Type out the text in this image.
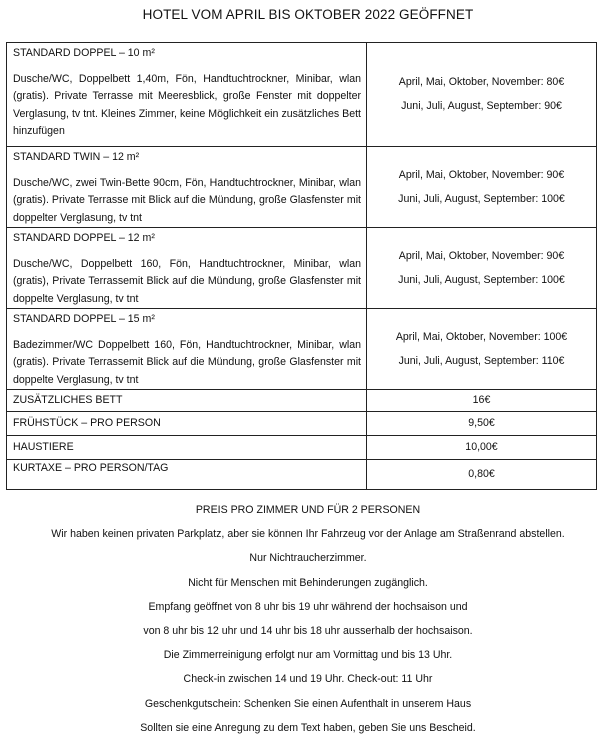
HOTEL VOM APRIL BIS OKTOBER 2022 GEÖFFNET
STANDARD DOPPEL – 10 m²
Dusche/WC, Doppelbett 1,40m, Fön, Handtuchtrockner, Minibar, wlan (gratis). Private Terrasse mit Meeresblick, große Fenster mit doppelter Verglasung, tv tnt. Kleines Zimmer, keine Möglichkeit ein zusätzliches Bett hinzufügen	April, Mai, Oktober, November: 80€
Juni, Juli, August, September: 90€

STANDARD TWIN – 12 m²
Dusche/WC, zwei Twin-Bette 90cm, Fön, Handtuchtrockner, Minibar, wlan (gratis). Private Terrasse mit Blick auf die Mündung, große Glasfenster mit doppelter Verglasung, tv tnt	April, Mai, Oktober, November: 90€
Juni, Juli, August, September: 100€

STANDARD DOPPEL – 12 m²
Dusche/WC, Doppelbett 160, Fön, Handtuchtrockner, Minibar, wlan (gratis), Private Terrassemit Blick auf die Mündung, große Glasfenster mit doppelte Verglasung, tv tnt	April, Mai, Oktober, November: 90€
Juni, Juli, August, September: 100€

STANDARD DOPPEL – 15 m²
Badezimmer/WC Doppelbett 160, Fön, Handtuchtrockner, Minibar, wlan (gratis). Private Terrassemit Blick auf die Mündung, große Glasfenster mit doppelte Verglasung, tv tnt	April, Mai, Oktober, November: 100€
Juni, Juli, August, September: 110€

ZUSÄTZLICHES BETT	16€
FRÜHSTÜCK – PRO PERSON	9,50€
HAUSTIERE	10,00€
KURTAXE – PRO PERSON/TAG	0,80€
PREIS PRO ZIMMER UND FÜR 2 PERSONEN
Wir haben keinen privaten Parkplatz, aber sie können Ihr Fahrzeug vor der Anlage am Straßenrand abstellen.
Nur Nichtraucherzimmer.
Nicht für Menschen mit Behinderungen zugänglich.
Empfang geöffnet von 8 uhr bis 19 uhr während der hochsaison und
von 8 uhr bis 12 uhr und 14 uhr bis 18 uhr ausserhalb der hochsaison.
Die Zimmerreinigung erfolgt nur am Vormittag und bis 13 Uhr.
Check-in zwischen 14 und 19 Uhr. Check-out: 11 Uhr
Geschenkgutschein: Schenken Sie einen Aufenthalt in unserem Haus
Sollten sie eine Anregung zu dem Text haben, geben Sie uns Bescheid.
